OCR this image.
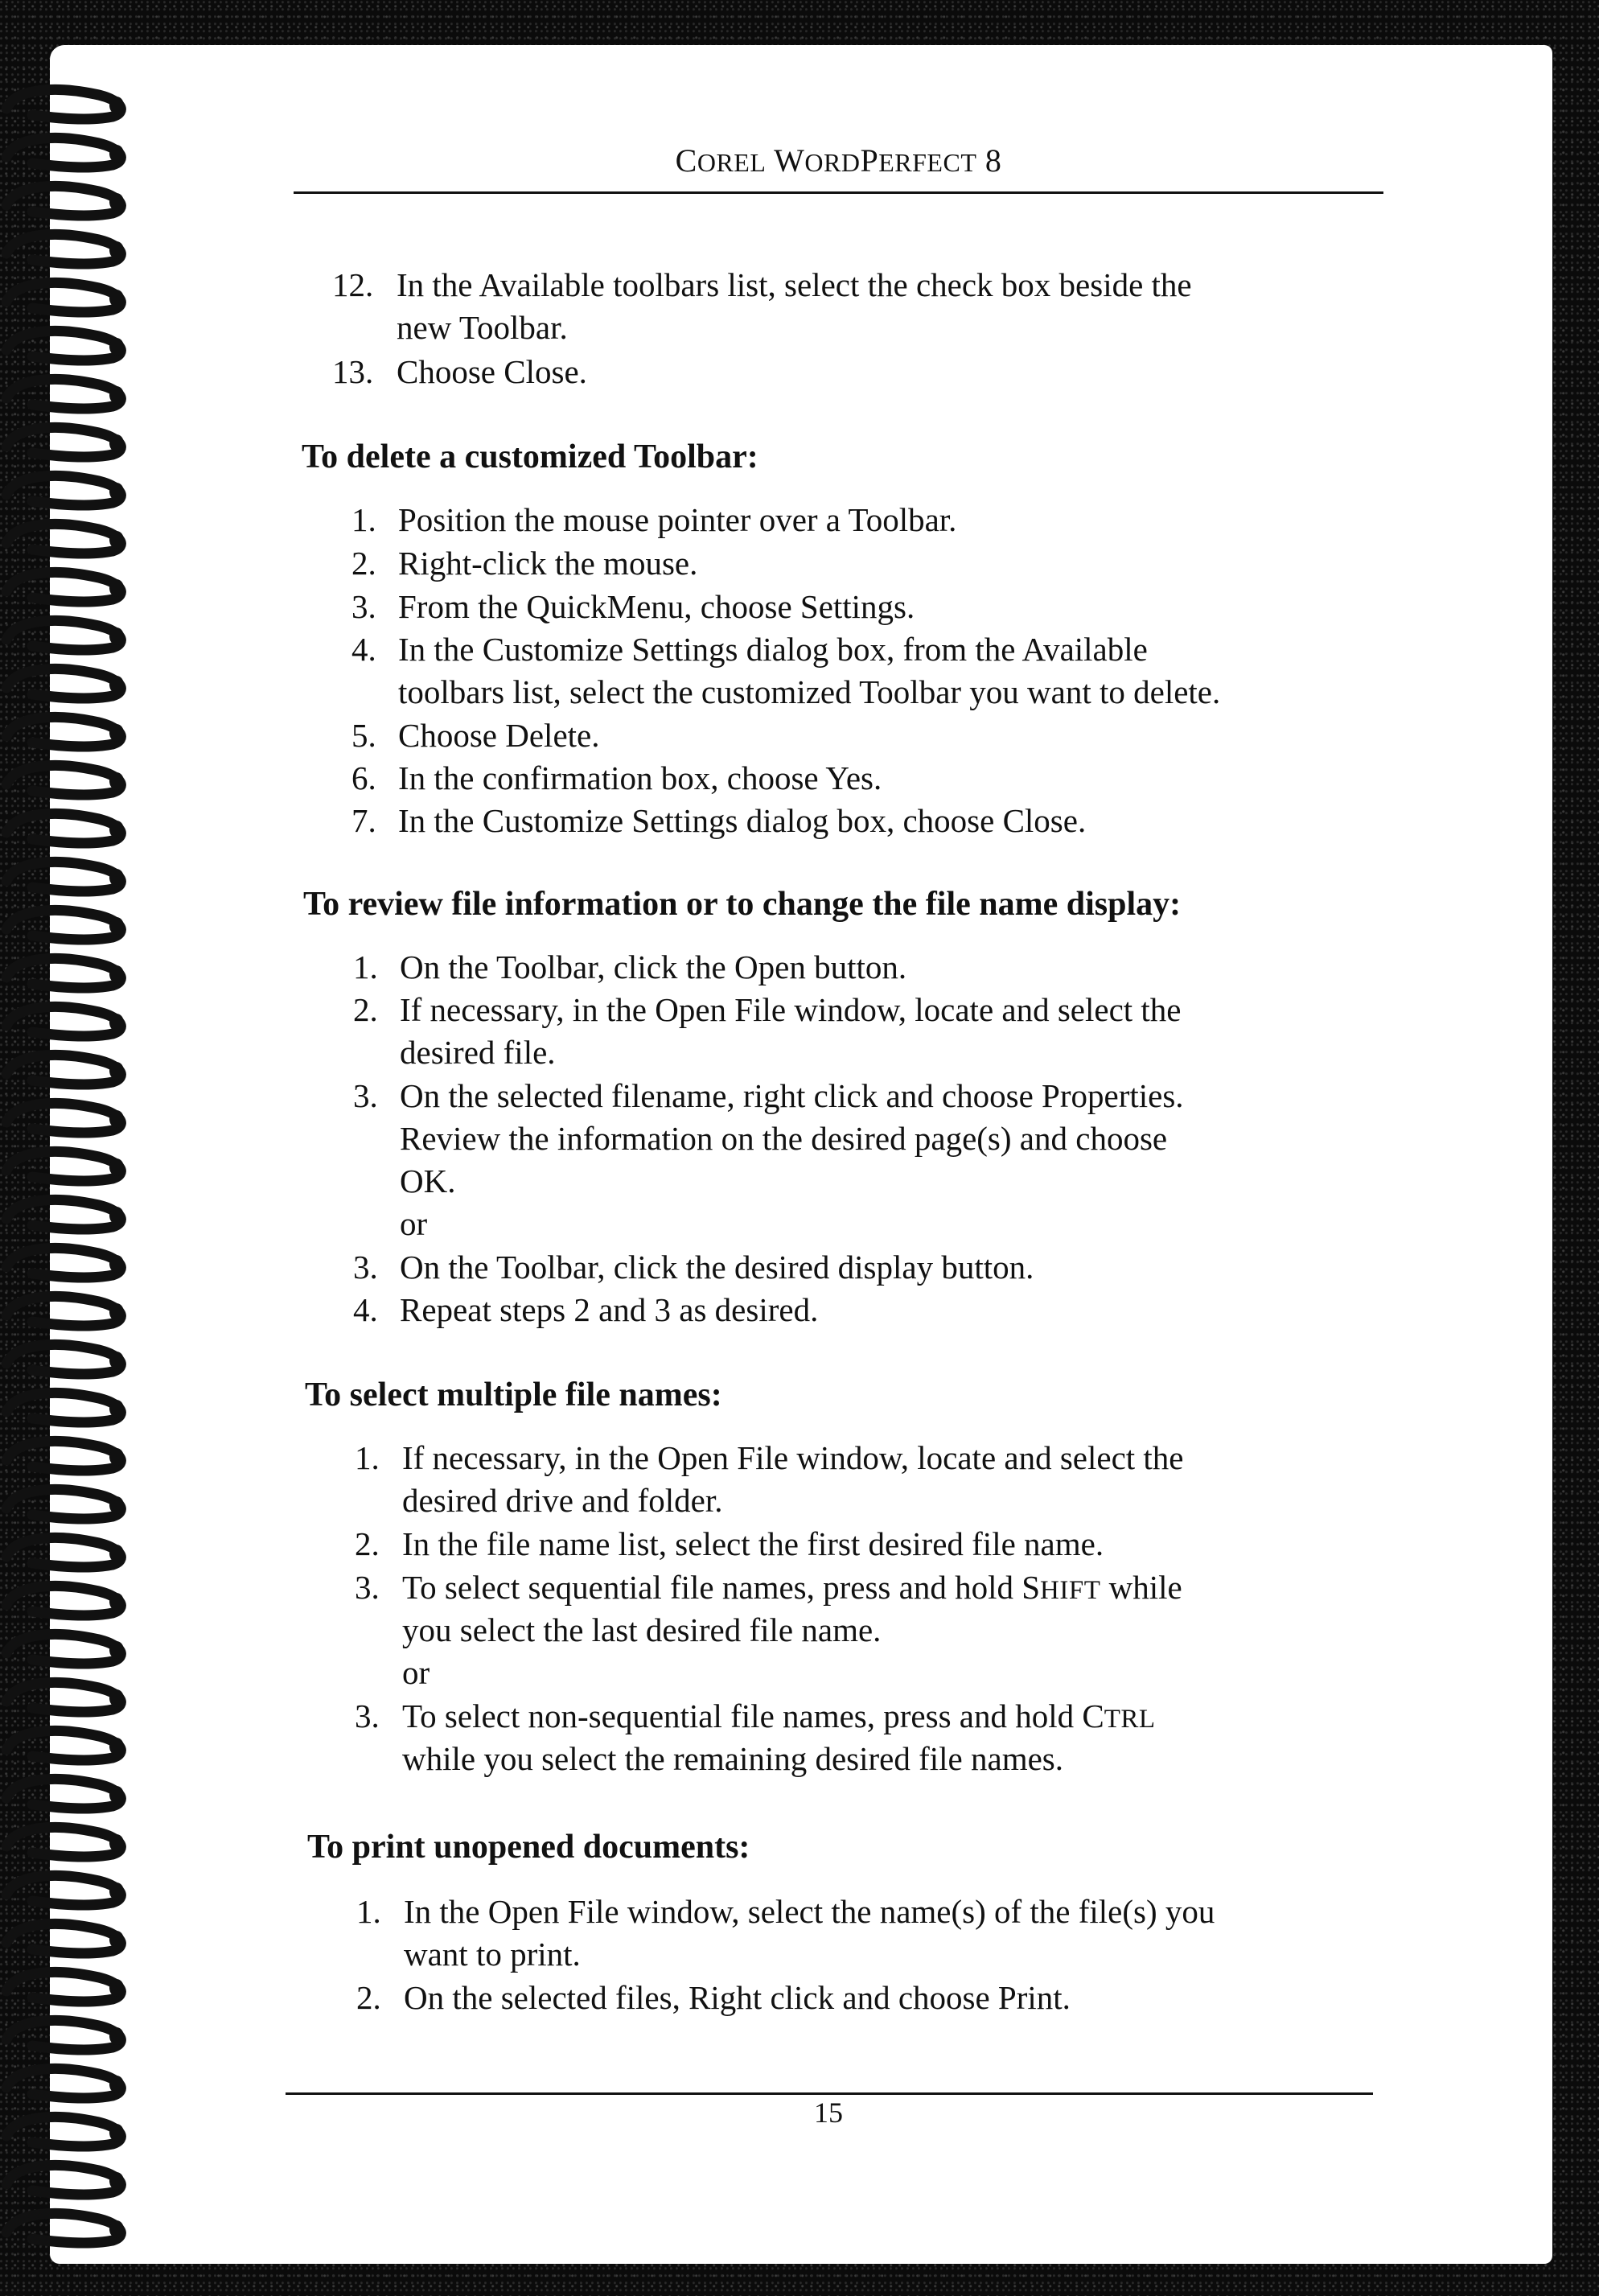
COREL WORDPERFECT 8
12. In the Available toolbars list, select the check box beside the
new Toolbar.
13. Choose Close.
To delete a customized Toolbar:
1. Position the mouse pointer over a Toolbar.
2. Right-click the mouse.
3. From the QuickMenu, choose Settings.
4. In the Customize Settings dialog box, from the Available
toolbars list, select the customized Toolbar you want to delete.
5. Choose Delete.
6. In the confirmation box, choose Yes.
7. In the Customize Settings dialog box, choose Close.
To review file information or to change the file name display:
1. On the Toolbar, click the Open button.
2. If necessary, in the Open File window, locate and select the
desired file.
3. On the selected filename, right click and choose Properties.
Review the information on the desired page(s) and choose
OK.
or
3. On the Toolbar, click the desired display button.
4. Repeat steps 2 and 3 as desired.
To select multiple file names:
1. If necessary, in the Open File window, locate and select the
desired drive and folder.
2. In the file name list, select the first desired file name.
3. To select sequential file names, press and hold SHIFT while
you select the last desired file name.
or
3. To select non-sequential file names, press and hold CTRL
while you select the remaining desired file names.
To print unopened documents:
1. In the Open File window, select the name(s) of the file(s) you
want to print.
2. On the selected files, Right click and choose Print.
15
